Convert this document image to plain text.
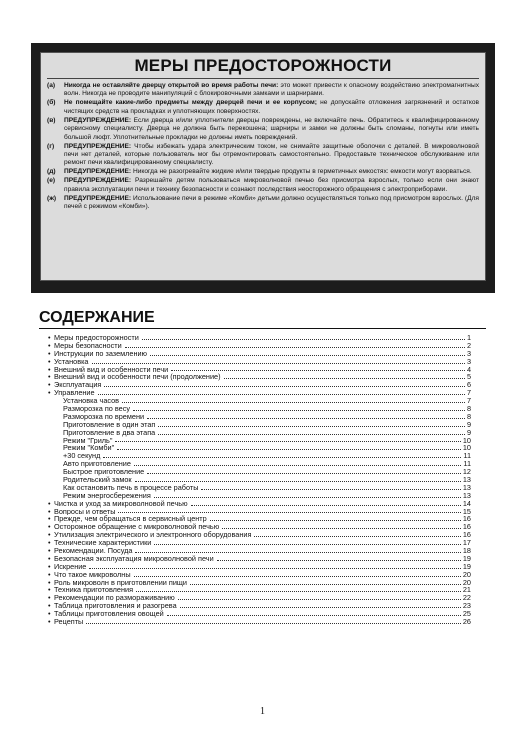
МЕРЫ ПРЕДОСТОРОЖНОСТИ
(а)	Никогда не оставляйте дверцу открытой во время работы печи: это может привести к опасному воздействию электромагнитных волн. Никогда не проводите манипуляций с блокировочными замками и шарнирами.
(б)	Не помещайте какие-либо предметы между дверцей печи и ее корпусом; не допускайте отложения загрязнений и остатков чистящих средств на прокладках и уплотняющих поверхностях.
(в)	ПРЕДУПРЕЖДЕНИЕ: Если дверца и/или уплотнители дверцы повреждены, не включайте печь. Обратитесь к квалифицированному сервисному специалисту. Дверца не должна быть перекошена; шарниры и замки не должны быть сломаны, погнуты или иметь большой люфт. Уплотнительные прокладки не должны иметь повреждений.
(г)	ПРЕДУПРЕЖДЕНИЕ: Чтобы избежать удара электрическим током, не снимайте защитные оболочки с деталей. В микроволновой печи нет деталей, которые пользователь мог бы отремонтировать самостоятельно. Предоставьте техническое обслуживание или ремонт печи квалифицированному специалисту.
(д)	ПРЕДУПРЕЖДЕНИЕ: Никогда не разогревайте жидкие и/или твердые продукты в герметичных емкостях: емкости могут взорваться.
(е)	ПРЕДУПРЕЖДЕНИЕ: Разрешайте детям пользоваться микроволновой печью без присмотра взрослых, только если они знают правила эксплуатации печи и технику безопасности и сознают последствия неосторожного обращения с электроприборами.
(ж)	ПРЕДУПРЕЖДЕНИЕ: Использование печи в режиме «Комби» детьми должно осуществляться только под присмотром взрослых. (Для печей с режимом «Комби»).
СОДЕРЖАНИЕ
• Меры предосторожности	1
• Меры безопасности	2
• Инструкции по заземлению	3
• Установка	3
• Внешний вид и особенности печи	4
• Внешний вид и особенности печи (продолжение)	5
• Эксплуатация	6
• Управление	7
Установка часов	7
Разморозка по весу	8
Разморозка по времени	8
Приготовление в один этап	9
Приготовление в два этапа	9
Режим "Гриль"	10
Режим "Комби"	10
+30 секунд	11
Авто приготовление	11
Быстрое приготовление	12
Родительский замок	13
Как остановить печь в процессе работы	13
Режим энергосбережения	13
• Чистка и уход за микроволновой печью	14
• Вопросы и ответы	15
• Прежде, чем обращаться в сервисный центр	16
• Осторожное обращение с микроволновой печью	16
• Утилизация электрического и электронного оборудования	16
• Технические характеристики	17
• Рекомендации. Посуда	18
• Безопасная эксплуатация микроволновой печи	19
• Искрение	19
• Что такое микроволны	20
• Роль микроволн в приготовлении пищи	20
• Техника приготовления	21
• Рекомендации по размораживанию	22
• Таблица приготовления и разогрева	23
• Таблицы приготовления овощей	25
• Рецепты	26
1
